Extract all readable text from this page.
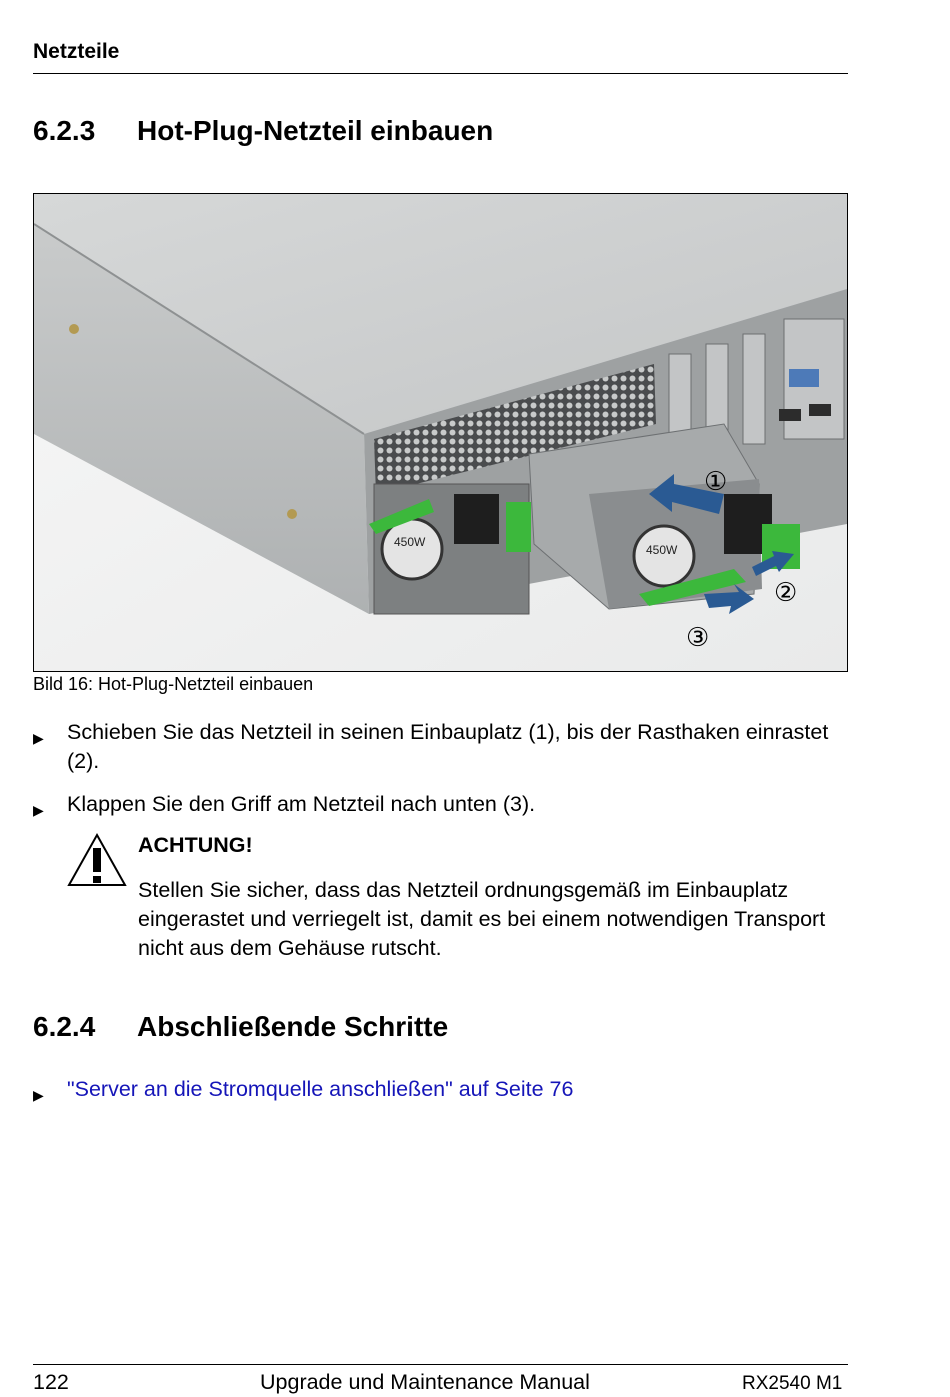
Netzteile
6.2.3 Hot-Plug-Netzteil einbauen
450W
450W
①
②
③
Bild 16: Hot-Plug-Netzteil einbauen
▶ Schieben Sie das Netzteil in seinen Einbauplatz (1), bis der Rasthaken einrastet (2).
▶ Klappen Sie den Griff am Netzteil nach unten (3).
ACHTUNG!
Stellen Sie sicher, dass das Netzteil ordnungsgemäß im Einbauplatz eingerastet und verriegelt ist, damit es bei einem notwendigen Transport nicht aus dem Gehäuse rutscht.
6.2.4 Abschließende Schritte
▶ "Server an die Stromquelle anschließen" auf Seite 76
122	Upgrade und Maintenance Manual	RX2540 M1
